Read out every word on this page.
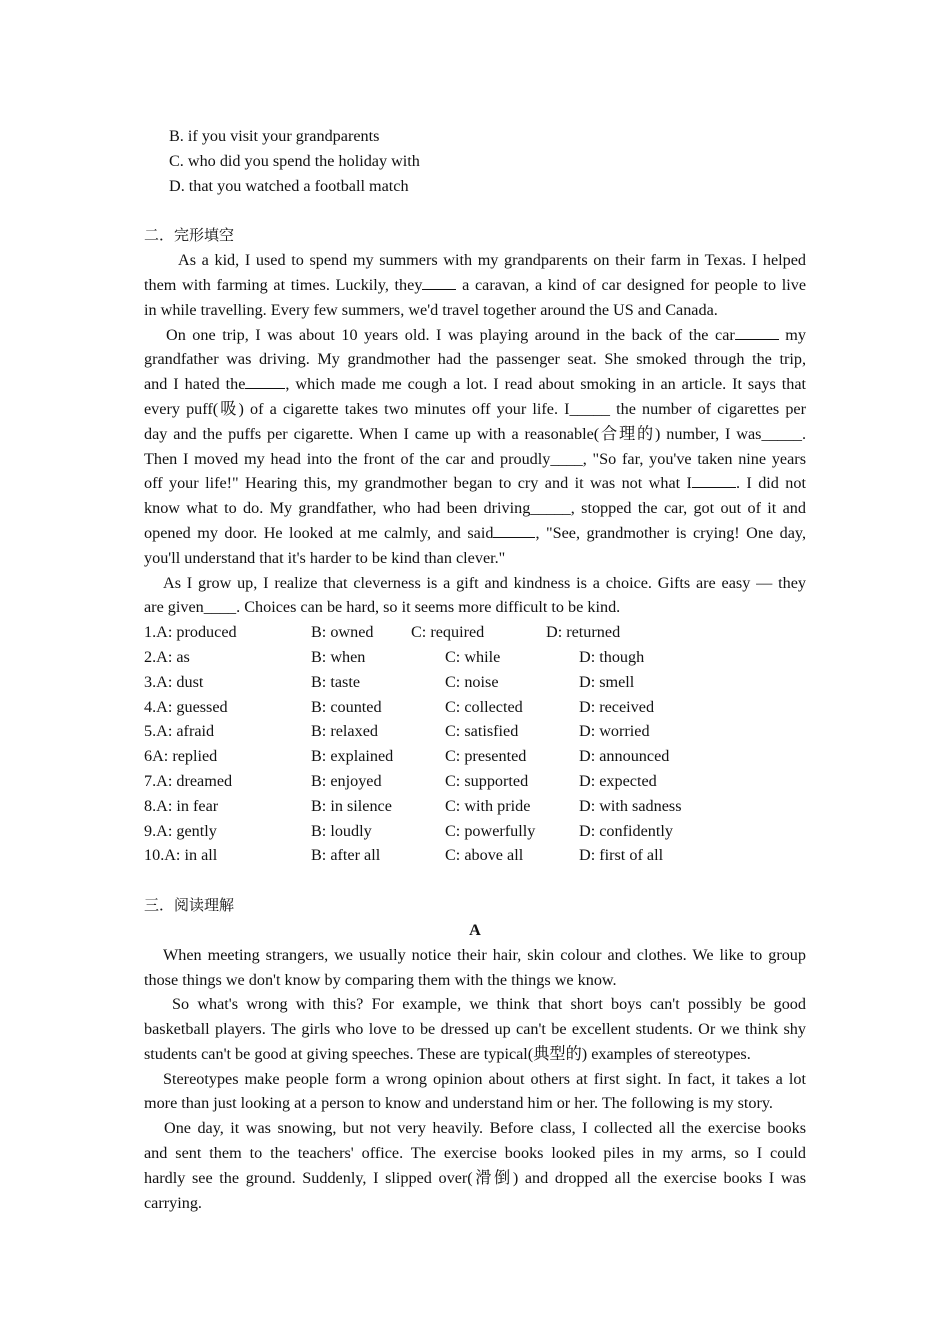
B. if you visit your grandparents
C. who did you spend the holiday with
D. that you watched a football match
二．完形填空
As a kid, I used to spend my summers with my grandparents on their farm in Texas. I helped
them with farming at times. Luckily, they a caravan, a kind of car designed for people to live
in while travelling. Every few summers, we'd travel together around the US and Canada.
On one trip, I was about 10 years old. I was playing around in the back of the car	my
grandfather was driving. My grandmother had the passenger seat. She smoked through the trip,
and I hated the , which made me cough a lot. I read about smoking in an article. It says that
every puff(吸) of a cigarette takes two minutes off your life. I_____ the number of cigarettes per
day and the puffs per cigarette. When I came up with a reasonable(合理的) number, I was_____.
Then I moved my head into the front of the car and proudly____, "So far, you've taken nine years
off your life!" Hearing this, my grandmother began to cry and it was not what I	. I did not
know what to do. My grandfather, who had been driving_____, stopped the car, got out of it and
opened my door. He looked at me calmly, and said	, "See, grandmother is crying! One day,
you'll understand that it's harder to be kind than clever."
As I grow up, I realize that cleverness is a gift and kindness is a choice. Gifts are easy — they
are given____. Choices can be hard, so it seems more difficult to be kind.
1.A: produced	B: owned C: required	D: returned
2.A: as	B: when	C: while	D: though
3.A: dust	B: taste	C: noise	D: smell
4.A: guessed	B: counted	C: collected	D: received
5.A: afraid	B: relaxed	C: satisfied	D: worried
6A: replied	B: explained	C: presented	D: announced
7.A: dreamed	B: enjoyed	C: supported	D: expected
8.A: in fear	B: in silence	C: with pride	D: with sadness
9.A: gently	B: loudly	C: powerfully	D: confidently
10.A: in all	B: after all	C: above all	D: first of all
三．阅读理解
A
When meeting strangers, we usually notice their hair, skin colour and clothes. We like to group
those things we don't know by comparing them with the things we know.
So what's wrong with this? For example, we think that short boys can't possibly be good
basketball players. The girls who love to be dressed up can't be excellent students. Or we think shy
students can't be good at giving speeches. These are typical(典型的) examples of stereotypes.
Stereotypes make people form a wrong opinion about others at first sight. In fact, it takes a lot
more than just looking at a person to know and understand him or her. The following is my story.
One day, it was snowing, but not very heavily. Before class, I collected all the exercise books
and sent them to the teachers' office. The exercise books looked piles in my arms, so I could
hardly see the ground. Suddenly, I slipped over(滑倒) and dropped all the exercise books I was
carrying.
